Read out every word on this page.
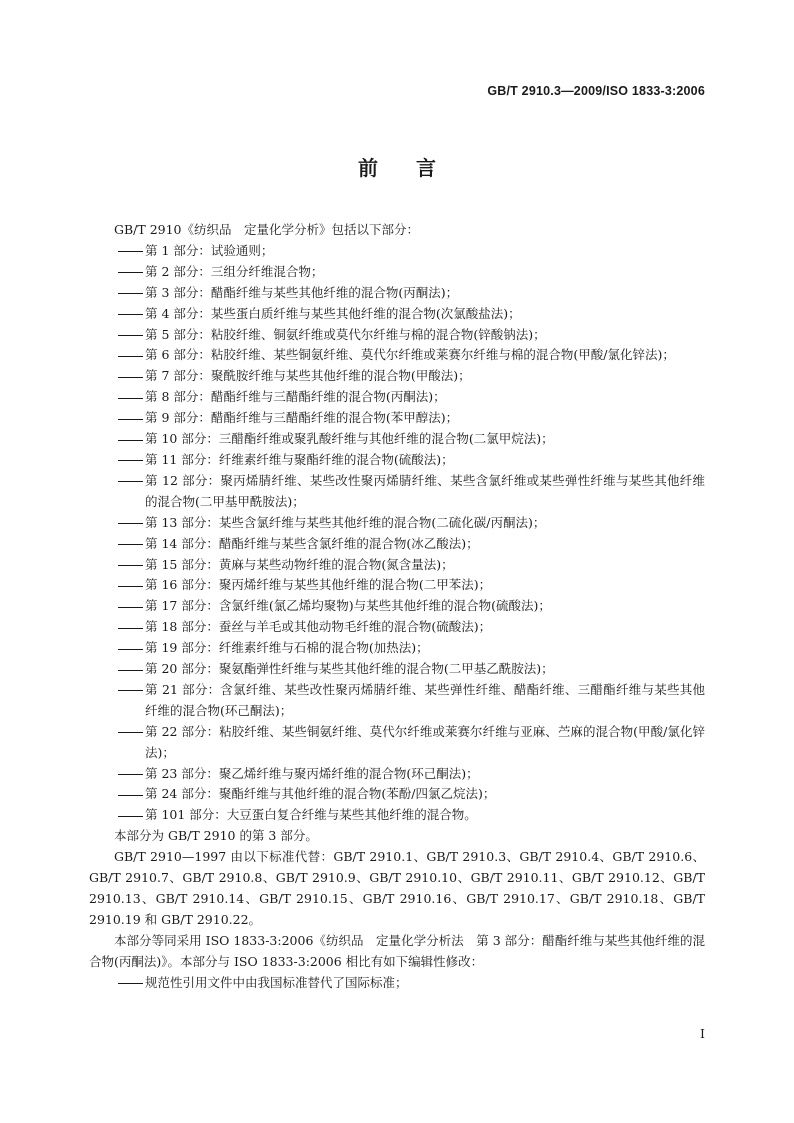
GB/T 2910.3—2009/ISO 1833-3:2006
前言

GB/T 2910《纺织品　定量化学分析》包括以下部分：

第 1 部分：试验通则；

第 2 部分：三组分纤维混合物；

第 3 部分：醋酯纤维与某些其他纤维的混合物(丙酮法)；

第 4 部分：某些蛋白质纤维与某些其他纤维的混合物(次氯酸盐法)；

第 5 部分：粘胶纤维、铜氨纤维或莫代尔纤维与棉的混合物(锌酸钠法)；

第 6 部分：粘胶纤维、某些铜氨纤维、莫代尔纤维或莱赛尔纤维与棉的混合物(甲酸/氯化锌法)；

第 7 部分：聚酰胺纤维与某些其他纤维的混合物(甲酸法)；

第 8 部分：醋酯纤维与三醋酯纤维的混合物(丙酮法)；

第 9 部分：醋酯纤维与三醋酯纤维的混合物(苯甲醇法)；

第 10 部分：三醋酯纤维或聚乳酸纤维与其他纤维的混合物(二氯甲烷法)；

第 11 部分：纤维素纤维与聚酯纤维的混合物(硫酸法)；

第 12 部分：聚丙烯腈纤维、某些改性聚丙烯腈纤维、某些含氯纤维或某些弹性纤维与某些其他纤维的混合物(二甲基甲酰胺法)；

第 13 部分：某些含氯纤维与某些其他纤维的混合物(二硫化碳/丙酮法)；

第 14 部分：醋酯纤维与某些含氯纤维的混合物(冰乙酸法)；

第 15 部分：黄麻与某些动物纤维的混合物(氮含量法)；

第 16 部分：聚丙烯纤维与某些其他纤维的混合物(二甲苯法)；

第 17 部分：含氯纤维(氯乙烯均聚物)与某些其他纤维的混合物(硫酸法)；

第 18 部分：蚕丝与羊毛或其他动物毛纤维的混合物(硫酸法)；

第 19 部分：纤维素纤维与石棉的混合物(加热法)；

第 20 部分：聚氨酯弹性纤维与某些其他纤维的混合物(二甲基乙酰胺法)；

第 21 部分：含氯纤维、某些改性聚丙烯腈纤维、某些弹性纤维、醋酯纤维、三醋酯纤维与某些其他纤维的混合物(环己酮法)；

第 22 部分：粘胶纤维、某些铜氨纤维、莫代尔纤维或莱赛尔纤维与亚麻、苎麻的混合物(甲酸/氯化锌法)；

第 23 部分：聚乙烯纤维与聚丙烯纤维的混合物(环己酮法)；

第 24 部分：聚酯纤维与其他纤维的混合物(苯酚/四氯乙烷法)；

第 101 部分：大豆蛋白复合纤维与某些其他纤维的混合物。

本部分为 GB/T 2910 的第 3 部分。

GB/T 2910—1997 由以下标准代替：GB/T 2910.1、GB/T 2910.3、GB/T 2910.4、GB/T 2910.6、GB/T 2910.7、GB/T 2910.8、GB/T 2910.9、GB/T 2910.10、GB/T 2910.11、GB/T 2910.12、GB/T 2910.13、GB/T 2910.14、GB/T 2910.15、GB/T 2910.16、GB/T 2910.17、GB/T 2910.18、GB/T 2910.19 和 GB/T 2910.22。

本部分等同采用 ISO 1833-3:2006《纺织品　定量化学分析法　第 3 部分：醋酯纤维与某些其他纤维的混合物(丙酮法)》。本部分与 ISO 1833-3:2006 相比有如下编辑性修改：

规范性引用文件中由我国标准替代了国际标准；

I
